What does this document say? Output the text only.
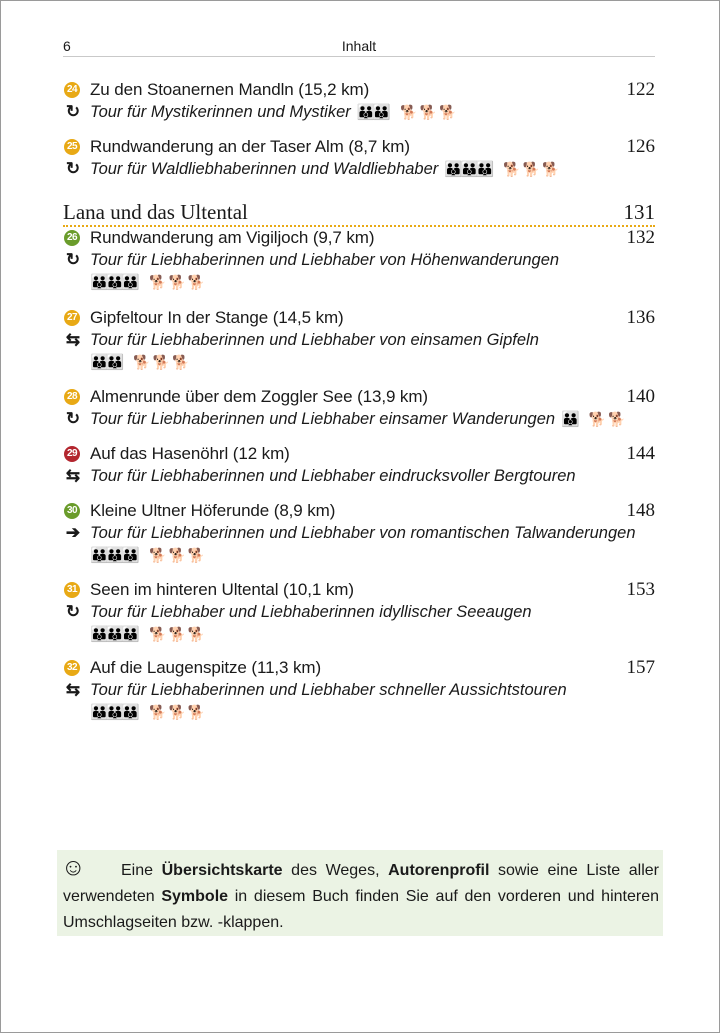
6	Inhalt
24 Zu den Stoanernen Mandln (15,2 km)	122
↻ Tour für Mystikerinnen und Mystiker 👪👪 🐕🐕🐕
25 Rundwanderung an der Taser Alm (8,7 km)	126
↻ Tour für Waldliebhaberinnen und Waldliebhaber 👪👪👪 🐕🐕🐕
Lana und das Ultental	131
26 Rundwanderung am Vigiljoch (9,7 km)	132
↻ Tour für Liebhaberinnen und Liebhaber von Höhenwanderungen
👪👪👪 🐕🐕🐕
27 Gipfeltour In der Stange (14,5 km)	136
⇆ Tour für Liebhaberinnen und Liebhaber von einsamen Gipfeln
👪👪 🐕🐕🐕
28 Almenrunde über dem Zoggler See (13,9 km)	140
↻ Tour für Liebhaberinnen und Liebhaber einsamer Wanderungen 👪 🐕🐕
29 Auf das Hasenöhrl (12 km)	144
⇆ Tour für Liebhaberinnen und Liebhaber eindrucksvoller Bergtouren
30 Kleine Ultner Höferunde (8,9 km)	148
➔ Tour für Liebhaberinnen und Liebhaber von romantischen Talwanderungen
👪👪👪 🐕🐕🐕
31 Seen im hinteren Ultental (10,1 km)	153
↻ Tour für Liebhaber und Liebhaberinnen idyllischer Seeaugen
👪👪👪 🐕🐕🐕
32 Auf die Laugenspitze (11,3 km)	157
⇆ Tour für Liebhaberinnen und Liebhaber schneller Aussichtstouren
👪👪👪 🐕🐕🐕
☺	Eine Übersichtskarte des Weges, Autorenprofil sowie eine Liste aller verwendeten Symbole in diesem Buch finden Sie auf den vorderen und hinteren Umschlagseiten bzw. -klappen.
